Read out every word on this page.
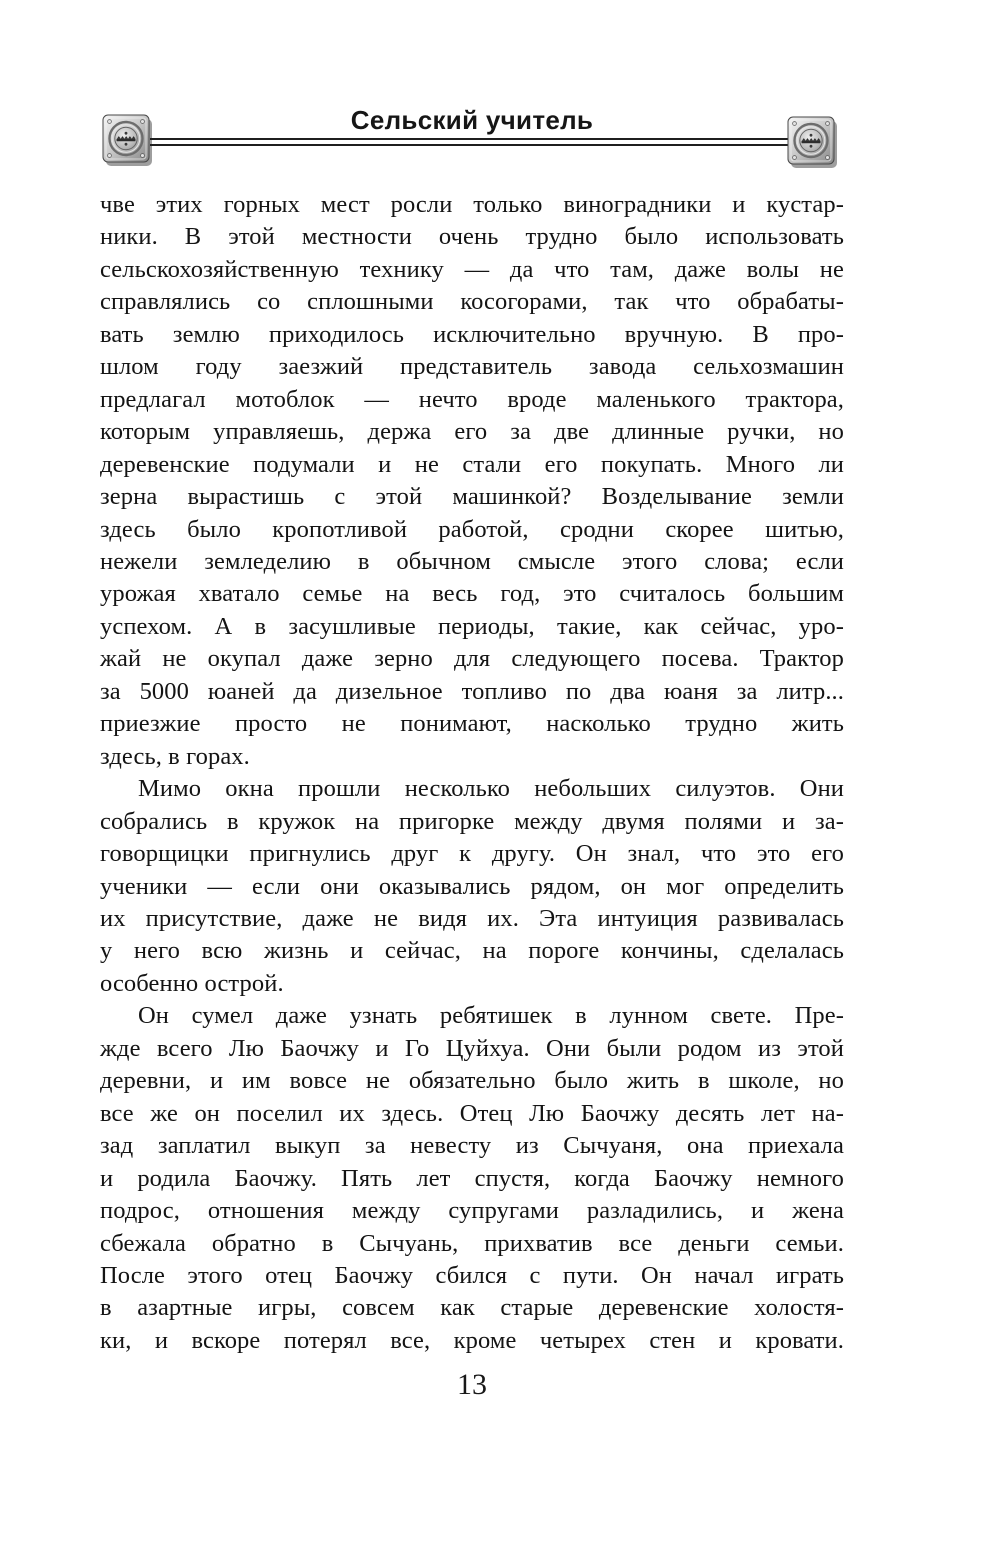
Сельский учитель
чве этих горных мест росли только виноградники и кустар-
ники. В этой местности очень трудно было использовать
сельскохозяйственную технику — да что там, даже волы не
справлялись со сплошными косогорами, так что обрабаты-
вать землю приходилось исключительно вручную. В про-
шлом году заезжий представитель завода сельхозмашин
предлагал мотоблок — нечто вроде маленького трактора,
которым управляешь, держа его за две длинные ручки, но
деревенские подумали и не стали его покупать. Много ли
зерна вырастишь с этой машинкой? Возделывание земли
здесь было кропотливой работой, сродни скорее шитью,
нежели земледелию в обычном смысле этого слова; если
урожая хватало семье на весь год, это считалось большим
успехом. А в засушливые периоды, такие, как сейчас, уро-
жай не окупал даже зерно для следующего посева. Трактор
за 5000 юаней да дизельное топливо по два юаня за литр...
приезжие просто не понимают, насколько трудно жить
здесь, в горах.
Мимо окна прошли несколько небольших силуэтов. Они
собрались в кружок на пригорке между двумя полями и за-
говорщицки пригнулись друг к другу. Он знал, что это его
ученики — если они оказывались рядом, он мог определить
их присутствие, даже не видя их. Эта интуиция развивалась
у него всю жизнь и сейчас, на пороге кончины, сделалась
особенно острой.
Он сумел даже узнать ребятишек в лунном свете. Пре-
жде всего Лю Баочжу и Го Цуйхуа. Они были родом из этой
деревни, и им вовсе не обязательно было жить в школе, но
все же он поселил их здесь. Отец Лю Баочжу десять лет на-
зад заплатил выкуп за невесту из Сычуаня, она приехала
и родила Баочжу. Пять лет спустя, когда Баочжу немного
подрос, отношения между супругами разладились, и жена
сбежала обратно в Сычуань, прихватив все деньги семьи.
После этого отец Баочжу сбился с пути. Он начал играть
в азартные игры, совсем как старые деревенские холостя-
ки, и вскоре потерял все, кроме четырех стен и кровати.
13
